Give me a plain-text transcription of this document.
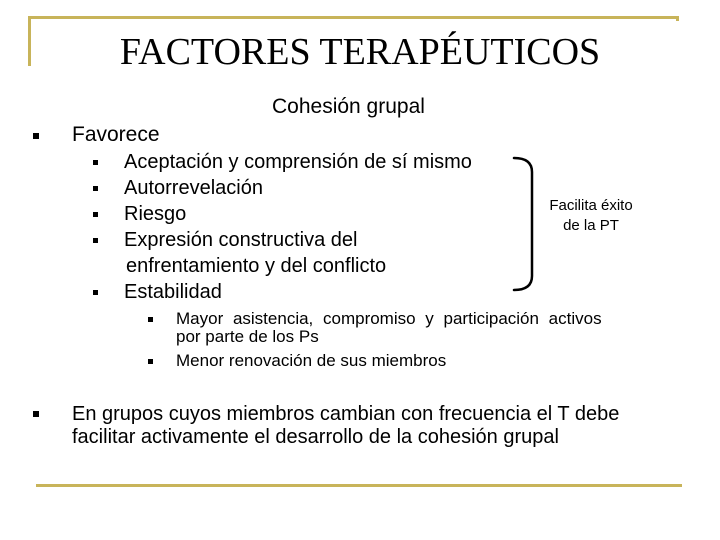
FACTORES TERAPÉUTICOS
Cohesión grupal
Favorece
Aceptación y comprensión de sí mismo
Autorrevelación
Riesgo
Expresión constructiva del
enfrentamiento y del conflicto
Estabilidad
Mayor asistencia, compromiso y participación activos
por parte de los Ps
Menor renovación de sus miembros
Facilita éxito
de la PT
En grupos cuyos miembros cambian con frecuencia el T debe
facilitar activamente el desarrollo de la cohesión grupal
